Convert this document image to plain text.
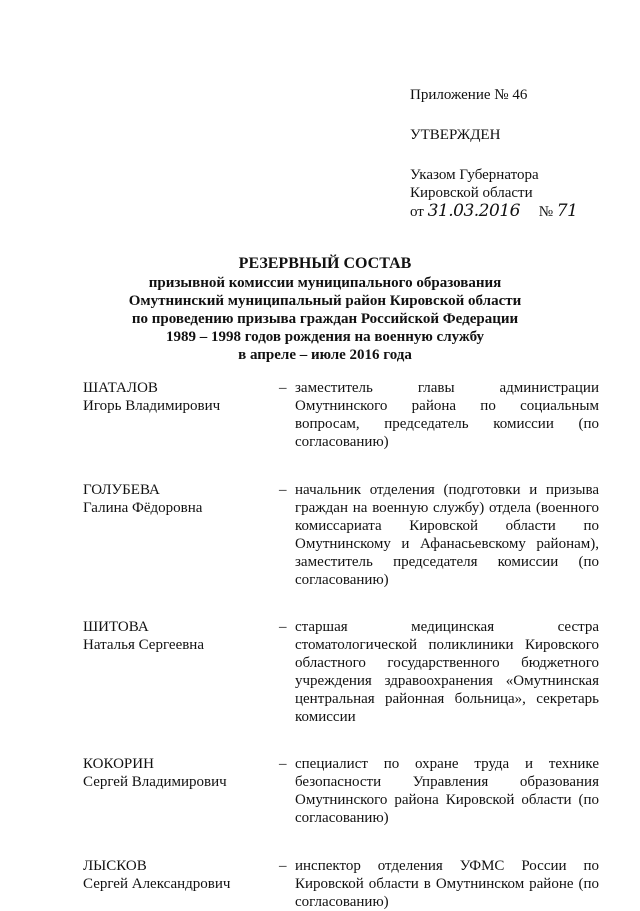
Приложение № 46
УТВЕРЖДЕН
Указом Губернатора
Кировской области
от 31.03.2016 № 71
РЕЗЕРВНЫЙ СОСТАВ
призывной комиссии муниципального образования
Омутнинский муниципальный район Кировской области
по проведению призыва граждан Российской Федерации
1989 – 1998 годов рождения на военную службу
в апреле – июле 2016 года
ШАТАЛОВ
Игорь Владимирович
– заместитель главы администрации Омутнинского района по социальным вопросам, председатель комиссии (по согласованию)
ГОЛУБЕВА
Галина Фёдоровна
– начальник отделения (подготовки и призыва граждан на военную службу) отдела (военного комиссариата Кировской области по Омутнинскому и Афанасьевскому районам), заместитель председателя комиссии (по согласованию)
ШИТОВА
Наталья Сергеевна
– старшая медицинская сестра стоматологической поликлиники Кировского областного государственного бюджетного учреждения здравоохранения «Омутнинская центральная районная больница», секретарь комиссии
КОКОРИН
Сергей Владимирович
– специалист по охране труда и технике безопасности Управления образования Омутнинского района Кировской области (по согласованию)
ЛЫСКОВ
Сергей Александрович
– инспектор отделения УФМС России по Кировской области в Омутнинском районе (по согласованию)
